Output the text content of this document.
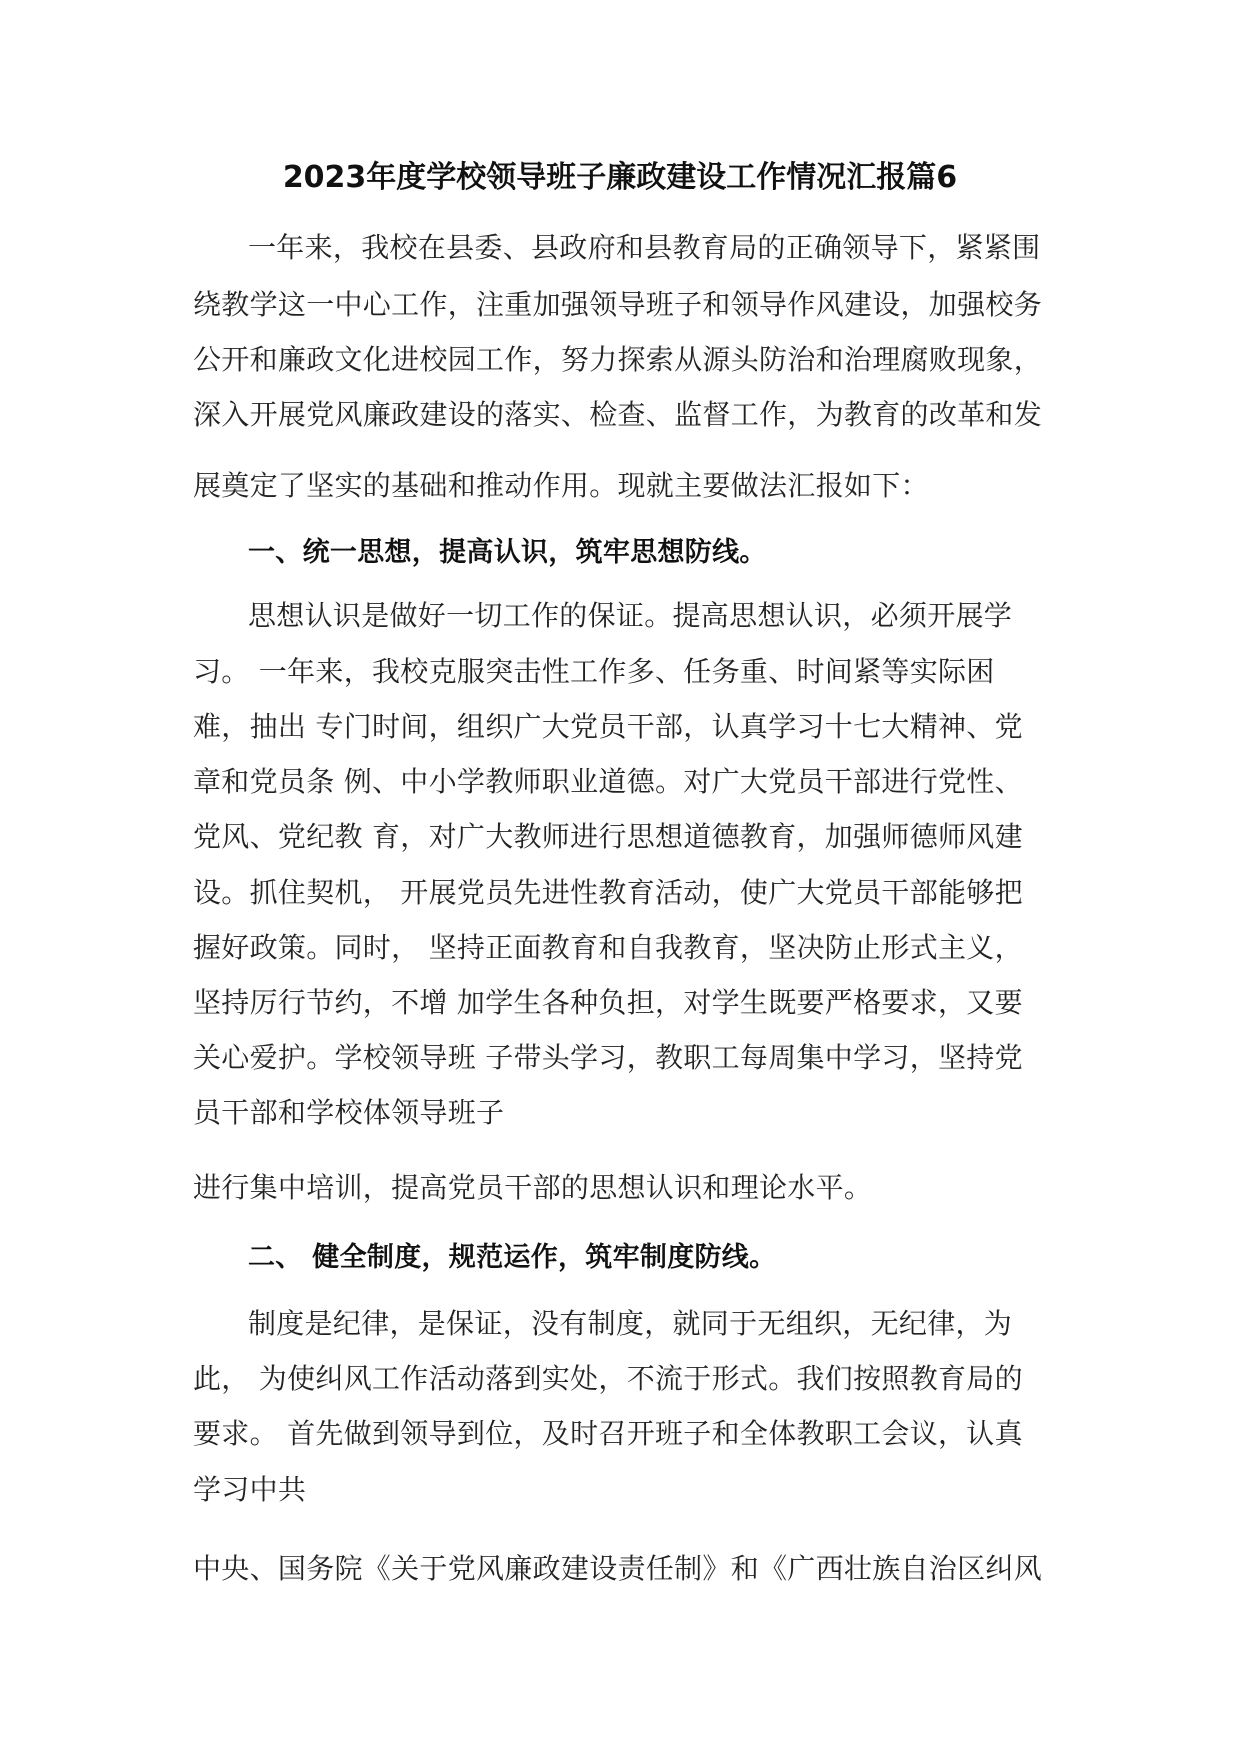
2023年度学校领导班子廉政建设工作情况汇报篇6
一年来，我校在县委、县政府和县教育局的正确领导下，紧紧围
绕教学这一中心工作，注重加强领导班子和领导作风建设，加强校务
公开和廉政文化进校园工作，努力探索从源头防治和治理腐败现象，
深入开展党风廉政建设的落实、检查、监督工作，为教育的改革和发
展奠定了坚实的基础和推动作用。现就主要做法汇报如下：
一、统一思想，提高认识，筑牢思想防线。
思想认识是做好一切工作的保证。提高思想认识，必须开展学
习。 一年来，我校克服突击性工作多、任务重、时间紧等实际困
难，抽出 专门时间，组织广大党员干部，认真学习十七大精神、党
章和党员条 例、中小学教师职业道德。对广大党员干部进行党性、
党风、党纪教 育，对广大教师进行思想道德教育，加强师德师风建
设。抓住契机， 开展党员先进性教育活动，使广大党员干部能够把
握好政策。同时， 坚持正面教育和自我教育，坚决防止形式主义，
坚持厉行节约，不增 加学生各种负担，对学生既要严格要求，又要
关心爱护。学校领导班 子带头学习，教职工每周集中学习，坚持党
员干部和学校体领导班子
进行集中培训，提高党员干部的思想认识和理论水平。
二、 健全制度，规范运作，筑牢制度防线。
制度是纪律，是保证，没有制度，就同于无组织，无纪律，为
此， 为使纠风工作活动落到实处，不流于形式。我们按照教育局的
要求。 首先做到领导到位，及时召开班子和全体教职工会议，认真
学习中共
中央、国务院《关于党风廉政建设责任制》和《广西壮族自治区纠风
